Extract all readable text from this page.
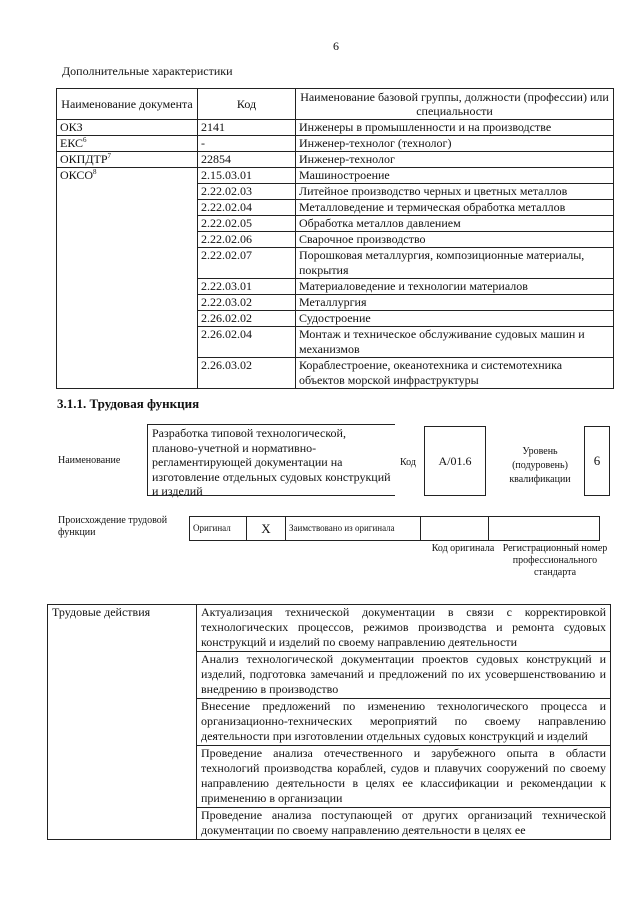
6
Дополнительные характеристики
Наименование документа	Код	Наименование базовой группы, должности (профессии) или специальности
ОКЗ	2141	Инженеры в промышленности и на производстве
ЕКС$^6$	-	Инженер-технолог (технолог)
ОКПДТР$^7$	22854	Инженер-технолог
ОКСО$^8$	2.15.03.01	Машиностроение
	2.22.02.03	Литейное производство черных и цветных металлов
	2.22.02.04	Металловедение и термическая обработка металлов
	2.22.02.05	Обработка металлов давлением
	2.22.02.06	Сварочное производство
	2.22.02.07	Порошковая металлургия, композиционные материалы, покрытия
	2.22.03.01	Материаловедение и технологии материалов
	2.22.03.02	Металлургия
	2.26.02.02	Судостроение
	2.26.02.04	Монтаж и техническое обслуживание судовых машин и механизмов
	2.26.03.02	Кораблестроение, океанотехника и системотехника объектов морской инфраструктуры
3.1.1. Трудовая функция
Наименование
Разработка типовой технологической, планово-учетной и нормативно-регламентирующей документации на изготовление отдельных судовых конструкций и изделий
Код	A/01.6
Уровень (подуровень) квалификации
6
Происхождение трудовой функции	Оригинал	X	Заимствовано из оригинала		
Код оригинала Регистрационный номер профессионального стандарта
Трудовые действия	Актуализация технической документации в связи с корректировкой технологических процессов, режимов производства и ремонта судовых конструкций и изделий по своему направлению деятельности
Анализ технологической документации проектов судовых конструкций и изделий, подготовка замечаний и предложений по их усовершенствованию и внедрению в производство
Внесение предложений по изменению технологического процесса и организационно-технических мероприятий по своему направлению деятельности при изготовлении отдельных судовых конструкций и изделий
Проведение анализа отечественного и зарубежного опыта в области технологий производства кораблей, судов и плавучих сооружений по своему направлению деятельности в целях ее классификации и рекомендации к применению в организации
Проведение анализа поступающей от других организаций технической документации по своему направлению деятельности в целях ее
